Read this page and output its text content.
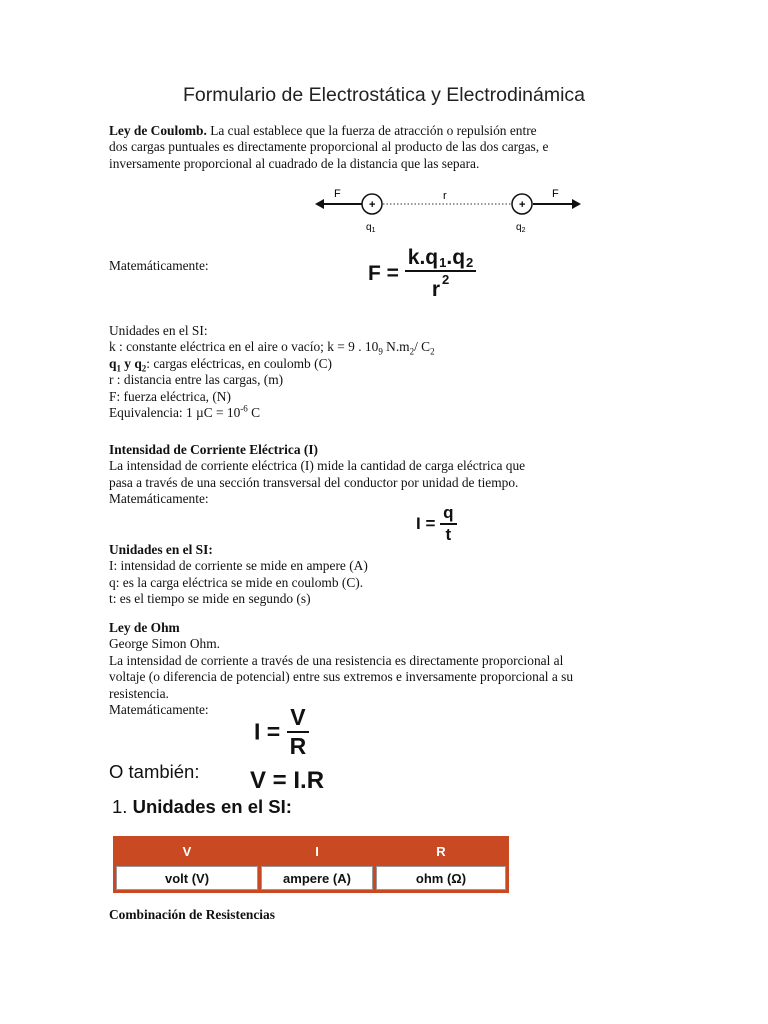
Formulario de Electrostática y Electrodinámica

Ley de Coulomb. La cual establece que la fuerza de atracción o repulsión entre

dos cargas puntuales es directamente proporcional al producto de las dos cargas, e

inversamente proporcional al cuadrado de la distancia que las separa.

+	+
F	F
r
$q_1$	$q_2$
Matemáticamente:	$F = \frac{k.q1.q2}{r ^2}$

Unidades en el SI:

k : constante eléctrica en el aire o vacío; k = 9 . $10_9$ $N.m_2/$ $C_2$

$q_1$ y $q_2$: cargas eléctricas, en coulomb (C)

r : distancia entre las cargas, (m)

F: fuerza eléctrica, (N)

Equivalencia: 1 $\mu C = 10^{-6}$ C

Intensidad de Corriente Eléctrica (I)

La intensidad de corriente eléctrica (I) mide la cantidad de carga eléctrica que

pasa a través de una sección transversal del conductor por unidad de tiempo.

Matemáticamente:

$I = \frac{q}{t}$

Unidades en el SI:

I: intensidad de corriente se mide en ampere (A)

q: es la carga eléctrica se mide en coulomb (C).

t: es el tiempo se mide en segundo (s)

Ley de Ohm

George Simon Ohm.

La intensidad de corriente a través de una resistencia es directamente proporcional al

voltaje (o diferencia de potencial) entre sus extremos e inversamente proporcional a su

resistencia.

Matemáticamente:

$I = \frac{V}{R}$
O también: V = I.R
1. Unidades en el SI:
V	I	R
volt (V)	ampere (A)	ohm (Ω)
Combinación de Resistencias
